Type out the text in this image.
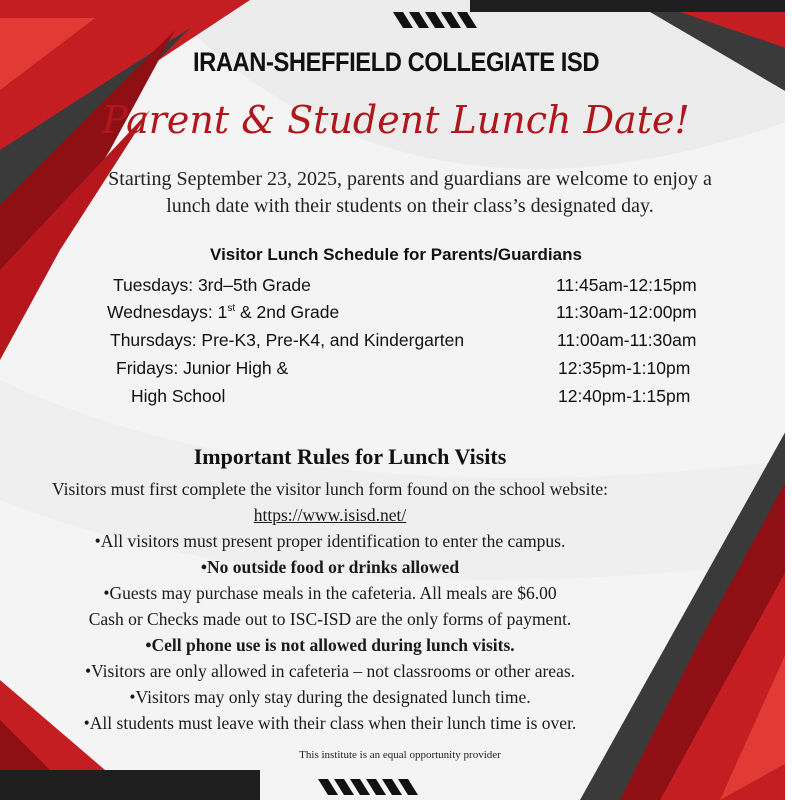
IRAAN-SHEFFIELD COLLEGIATE ISD
Parent & Student Lunch Date!
Starting September 23, 2025, parents and guardians are welcome to enjoy a lunch date with their students on their class’s designated day.
Visitor Lunch Schedule for Parents/Guardians
Tuesdays: 3rd–5th Grade	11:45am-12:15pm
Wednesdays: 1st & 2nd Grade	11:30am-12:00pm
Thursdays: Pre-K3, Pre-K4, and Kindergarten	11:00am-11:30am
Fridays: Junior High &	12:35pm-1:10pm
High School	12:40pm-1:15pm
Important Rules for Lunch Visits
Visitors must first complete the visitor lunch form found on the school website:
https://www.isisd.net/
•All visitors must present proper identification to enter the campus.
•No outside food or drinks allowed
•Guests may purchase meals in the cafeteria. All meals are $6.00
Cash or Checks made out to ISC-ISD are the only forms of payment.
•Cell phone use is not allowed during lunch visits.
•Visitors are only allowed in cafeteria – not classrooms or other areas.
•Visitors may only stay during the designated lunch time.
•All students must leave with their class when their lunch time is over.
This institute is an equal opportunity provider
